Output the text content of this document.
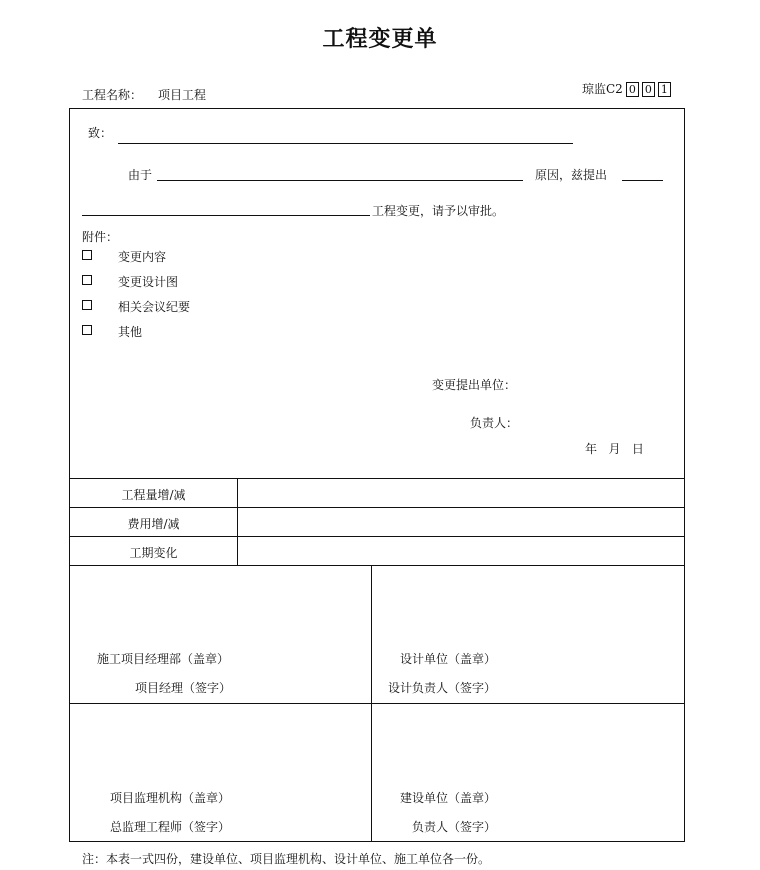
工程变更单
工程名称： 项目工程	琼监C2 0 0 1
致：
由于	原因，兹提出
工程变更，请予以审批。
附件：
变更内容
变更设计图
相关会议纪要
其他
变更提出单位：
负责人：
年   月   日
工程量增/减
费用增/减
工期变化
施工项目经理部（盖章）
项目经理（签字）
设计单位（盖章）
设计负责人（签字）
项目监理机构（盖章）
总监理工程师（签字）
建设单位（盖章）
负责人（签字）
注：本表一式四份，建设单位、项目监理机构、设计单位、施工单位各一份。
